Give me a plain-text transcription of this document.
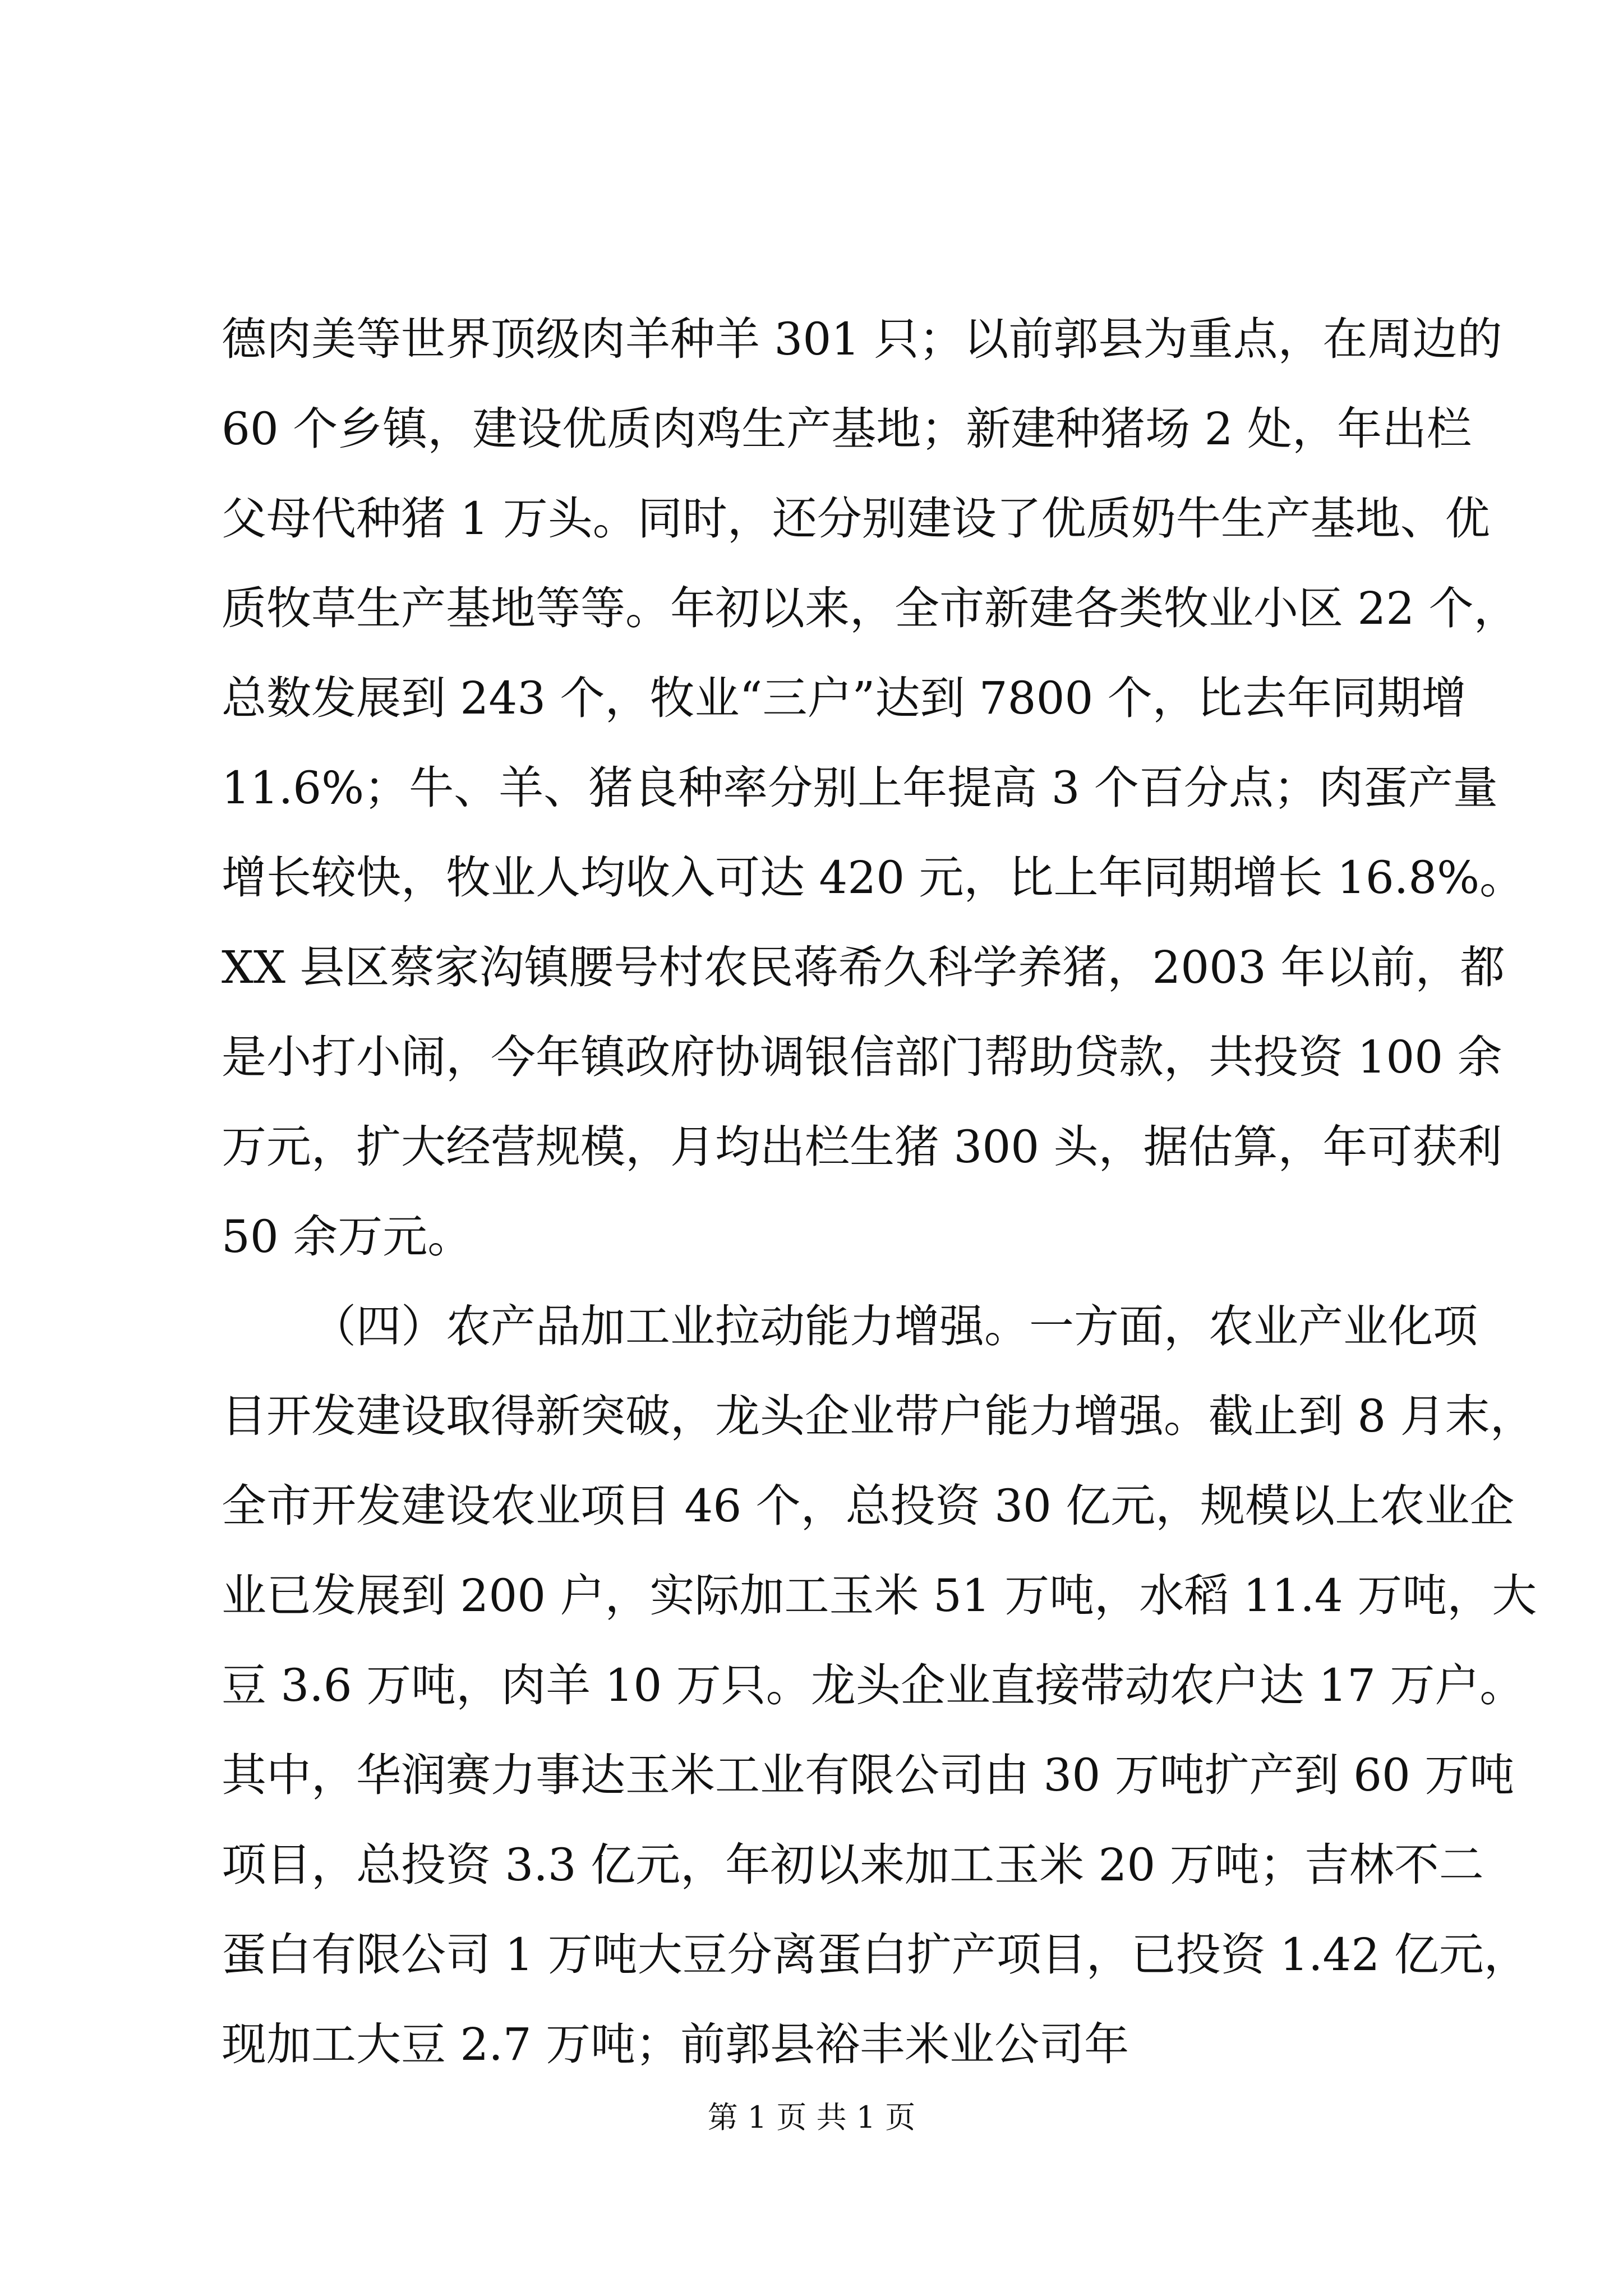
德肉美等世界顶级肉羊种羊 301 只；以前郭县为重点，在周边的
60 个乡镇，建设优质肉鸡生产基地；新建种猪场 2 处，年出栏
父母代种猪 1 万头。同时，还分别建设了优质奶牛生产基地、优
质牧草生产基地等等。年初以来，全市新建各类牧业小区 22 个，
总数发展到 243 个，牧业“三户”达到 7800 个，比去年同期增
11.6%；牛、羊、猪良种率分别上年提高 3 个百分点；肉蛋产量
增长较快，牧业人均收入可达 420 元，比上年同期增长 16.8%。
XX 县区蔡家沟镇腰号村农民蒋希久科学养猪，2003 年以前，都
是小打小闹，今年镇政府协调银信部门帮助贷款，共投资 100 余
万元，扩大经营规模，月均出栏生猪 300 头，据估算，年可获利
50 余万元。
（四）农产品加工业拉动能力增强。一方面，农业产业化项
目开发建设取得新突破，龙头企业带户能力增强。截止到 8 月末，
全市开发建设农业项目 46 个，总投资 30 亿元，规模以上农业企
业已发展到 200 户，实际加工玉米 51 万吨，水稻 11.4 万吨，大
豆 3.6 万吨，肉羊 10 万只。龙头企业直接带动农户达 17 万户。
其中，华润赛力事达玉米工业有限公司由 30 万吨扩产到 60 万吨
项目，总投资 3.3 亿元，年初以来加工玉米 20 万吨；吉林不二
蛋白有限公司 1 万吨大豆分离蛋白扩产项目，已投资 1.42 亿元，
现加工大豆 2.7 万吨；前郭县裕丰米业公司年
第 1 页 共 1 页
